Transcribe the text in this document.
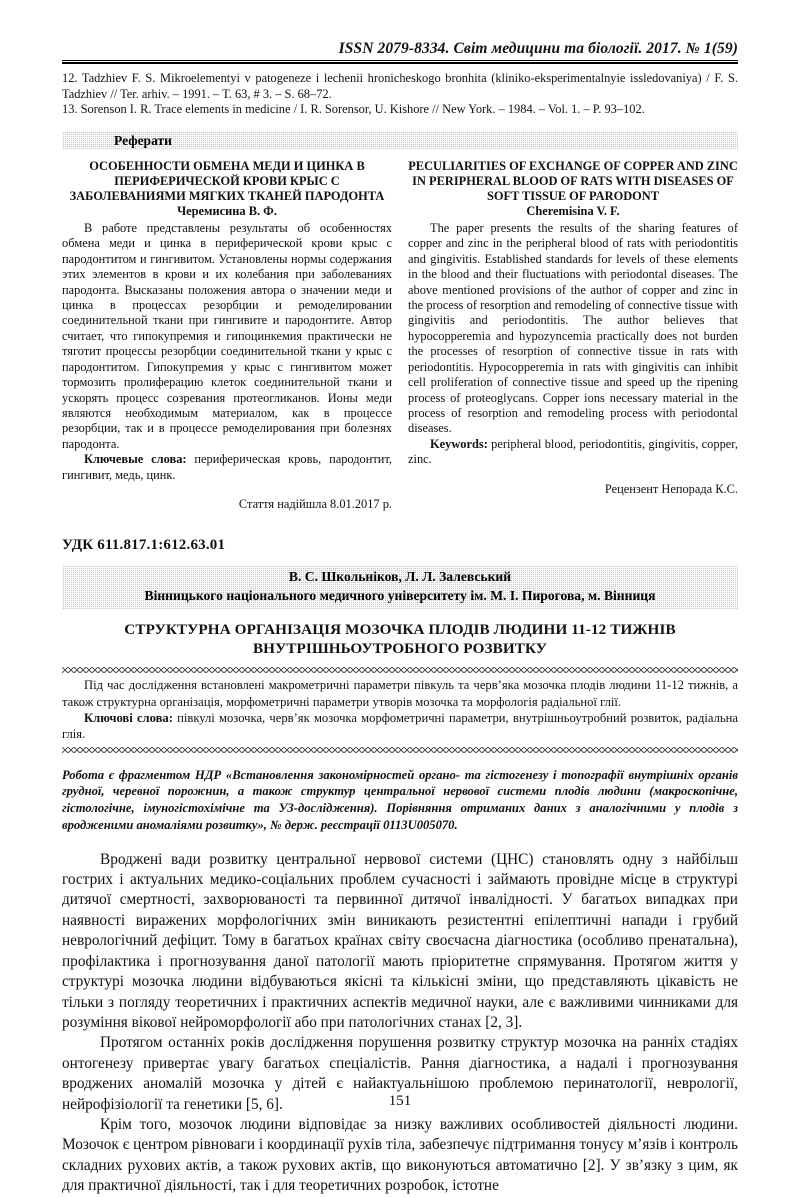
ISSN 2079-8334. Світ медицини та біології. 2017. № 1(59)

12. Tadzhiev F. S. Mikroelementyi v patogeneze i lechenii hronicheskogo bronhita (kliniko-eksperimentalnyie issledovaniya) / F. S. Tadzhiev // Ter. arhiv. – 1991. – T. 63, # 3. – S. 68–72.

13. Sorenson I. R. Trace elements in medicine / I. R. Sorensor, U. Kishore // New York. – 1984. – Vol. 1. – P. 93–102.

Реферати
ОСОБЕННОСТИ ОБМЕНА МЕДИ И ЦИНКА В ПЕРИФЕРИЧЕСКОЙ КРОВИ КРЫС С ЗАБОЛЕВАНИЯМИ МЯГКИХ ТКАНЕЙ ПАРОДОНТА
Черемисина В. Ф.

В работе представлены результаты об особенностях обмена меди и цинка в периферической крови крыс с пародонтитом и гингивитом. Установлены нормы содержания этих элементов в крови и их колебания при заболеваниях пародонта. Высказаны положения автора о значении меди и цинка в процессах резорбции и ремоделировании соединительной ткани при гингивите и пародонтите. Автор считает, что гипокупремия и гипоцинкемия практически не тяготит процессы резорбции соединительной ткани у крыс с пародонтитом. Гипокупремия у крыс с гингивитом может тормозить пролиферацию клеток соединительной ткани и ускорять процесс созревания протеогликанов. Ионы меди являются необходимым материалом, как в процессе резорбции, так и в процессе ремоделирования при болезнях пародонта.

Ключевые слова: периферическая кровь, пародонтит, гингивит, медь, цинк.

Стаття надійшла 8.01.2017 р.
PECULIARITIES OF EXCHANGE OF COPPER AND ZINC IN PERIPHERAL BLOOD OF RATS WITH DISEASES OF SOFT TISSUE OF PARODONT
Cheremisina V. F.

The paper presents the results of the sharing features of copper and zinc in the peripheral blood of rats with periodontitis and gingivitis. Established standards for levels of these elements in the blood and their fluctuations with periodontal diseases. The above mentioned provisions of the author of copper and zinc in the process of resorption and remodeling of connective tissue with gingivitis and periodontitis. The author believes that hypocopperemia and hypozyncemia practically does not burden the processes of resorption of connective tissue in rats with periodontitis. Hypocopperemia in rats with gingivitis can inhibit cell proliferation of connective tissue and speed up the ripening process of proteoglycans. Copper ions necessary material in the process of resorption and remodeling process with periodontal diseases.

Keywords: peripheral blood, periodontitis, gingivitis, copper, zinc.

Рецензент Непорада К.С.
УДК 611.817.1:612.63.01
В. С. Школьніков, Л. Л. Залевський
Вінницького національного медичного університету ім. М. І. Пирогова, м. Вінниця
СТРУКТУРНА ОРГАНІЗАЦІЯ МОЗОЧКА ПЛОДІВ ЛЮДИНИ 11-12 ТИЖНІВ ВНУТРІШНЬОУТРОБНОГО РОЗВИТКУ

Під час дослідження встановлені макрометричні параметри півкуль та черв’яка мозочка плодів людини 11-12 тижнів, а також структурна організація, морфометричні параметри утворів мозочка та морфологія радіальної глії.

Ключові слова: півкулі мозочка, черв’як мозочка морфометричні параметри, внутрішньоутробний розвиток, радіальна глія.

Робота є фрагментом НДР «Встановлення закономірностей органо- та гістогенезу і топографії внутрішніх органів грудної, черевної порожнин, а також структур центральної нервової системи плодів людини (макроскопічне, гістологічне, імуногістохімічне та УЗ-дослідження). Порівняння отриманих даних з аналогічними у плодів з вродженими аномаліями розвитку», № держ. реєстрації 0113U005070.

Вроджені вади розвитку центральної нервової системи (ЦНС) становлять одну з найбільш гострих і актуальних медико-соціальних проблем сучасності і займають провідне місце в структурі дитячої смертності, захворюваності та первинної дитячої інвалідності. У багатьох випадках при наявності виражених морфологічних змін виникають резистентні епілептичні напади і грубий неврологічний дефіцит. Тому в багатьох країнах світу своєчасна діагностика (особливо пренатальна), профілактика і прогнозування даної патології мають пріоритетне спрямування. Протягом життя у структурі мозочка людини відбуваються якісні та кількісні зміни, що представляють цікавість не тільки з погляду теоретичних і практичних аспектів медичної науки, але є важливими чинниками для розуміння вікової нейроморфології або при патологічних станах [2, 3].

Протягом останніх років дослідження порушення розвитку структур мозочка на ранніх стадіях онтогенезу привертає увагу багатьох спеціалістів. Рання діагностика, а надалі і прогнозування вроджених аномалій мозочка у дітей є найактуальнішою проблемою перинатології, неврології, нейрофізіології та генетики [5, 6].

Крім того, мозочок людини відповідає за низку важливих особливостей діяльності людини. Мозочок є центром рівноваги і координації рухів тіла, забезпечує підтримання тонусу м’язів і контроль складних рухових актів, а також рухових актів, що виконуються автоматично [2]. У зв’язку з цим, як для практичної діяльності, так і для теоретичних розробок, істотне

151
